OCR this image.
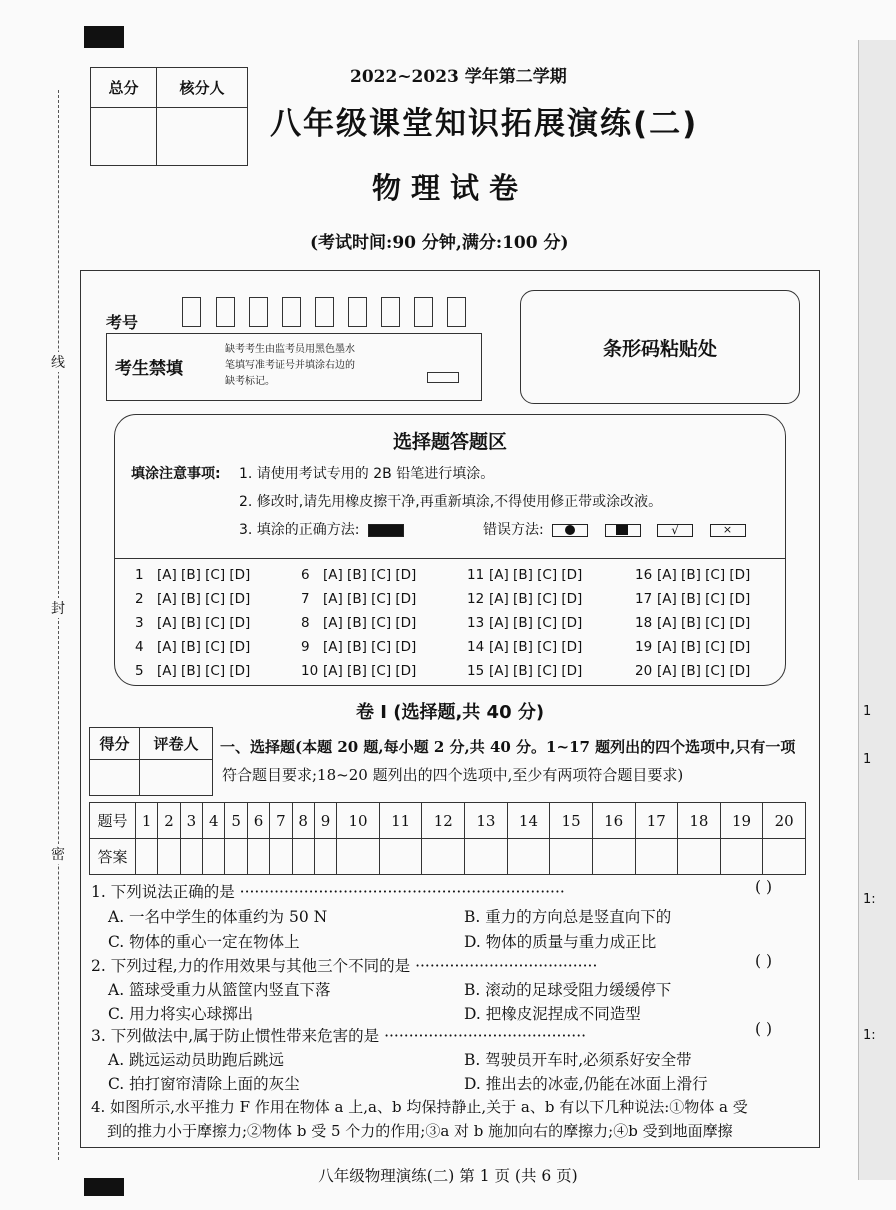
线
封
密
1
1
1:
1:
总分	核分人

2022~2023 学年第二学期
八年级课堂知识拓展演练(二)
物理试卷
(考试时间:90 分钟,满分:100 分)
考号
考生禁填
缺考考生由监考员用黑色墨水
笔填写准考证号并填涂右边的
缺考标记。
条形码粘贴处
选择题答题区
填涂注意事项: 1. 请使用考试专用的 2B 铅笔进行填涂。
2. 修改时,请先用橡皮擦干净,再重新填涂,不得使用修正带或涂改液。
3. 填涂的正确方法:	错误方法:
	√	×
1 [A] [B] [C] [D]
2 [A] [B] [C] [D]
3 [A] [B] [C] [D]
4 [A] [B] [C] [D]
5 [A] [B] [C] [D]
6 [A] [B] [C] [D]
7 [A] [B] [C] [D]
8 [A] [B] [C] [D]
9 [A] [B] [C] [D]
10 [A] [B] [C] [D]
11 [A] [B] [C] [D]
12 [A] [B] [C] [D]
13 [A] [B] [C] [D]
14 [A] [B] [C] [D]
15 [A] [B] [C] [D]
16 [A] [B] [C] [D]
17 [A] [B] [C] [D]
18 [A] [B] [C] [D]
19 [A] [B] [C] [D]
20 [A] [B] [C] [D]
卷 I (选择题,共 40 分)
得分	评卷人
	一、选择题(本题 20 题,每小题 2 分,共 40 分。1~17 题列出的四个选项中,只有一项
符合题目要求;18~20 题列出的四个选项中,至少有两项符合题目要求)
题号	1	2	3	4	5	6	7	8	9	10	11	12	13	14	15	16	17	18	19	20
答案																				
1. 下列说法正确的是 ··································································	( )
A. 一名中学生的体重约为 50 N	B. 重力的方向总是竖直向下的
C. 物体的重心一定在物体上	D. 物体的质量与重力成正比
2. 下列过程,力的作用效果与其他三个不同的是 ·····································	( )
A. 篮球受重力从篮筐内竖直下落	B. 滚动的足球受阻力缓缓停下
C. 用力将实心球掷出	D. 把橡皮泥捏成不同造型
3. 下列做法中,属于防止惯性带来危害的是 ·········································	( )
A. 跳远运动员助跑后跳远	B. 驾驶员开车时,必须系好安全带
C. 拍打窗帘清除上面的灰尘	D. 推出去的冰壶,仍能在冰面上滑行
4. 如图所示,水平推力 F 作用在物体 a 上,a、b 均保持静止,关于 a、b 有以下几种说法:①物体 a 受
到的推力小于摩擦力;②物体 b 受 5 个力的作用;③a 对 b 施加向右的摩擦力;④b 受到地面摩擦
八年级物理演练(二) 第 1 页 (共 6 页)
